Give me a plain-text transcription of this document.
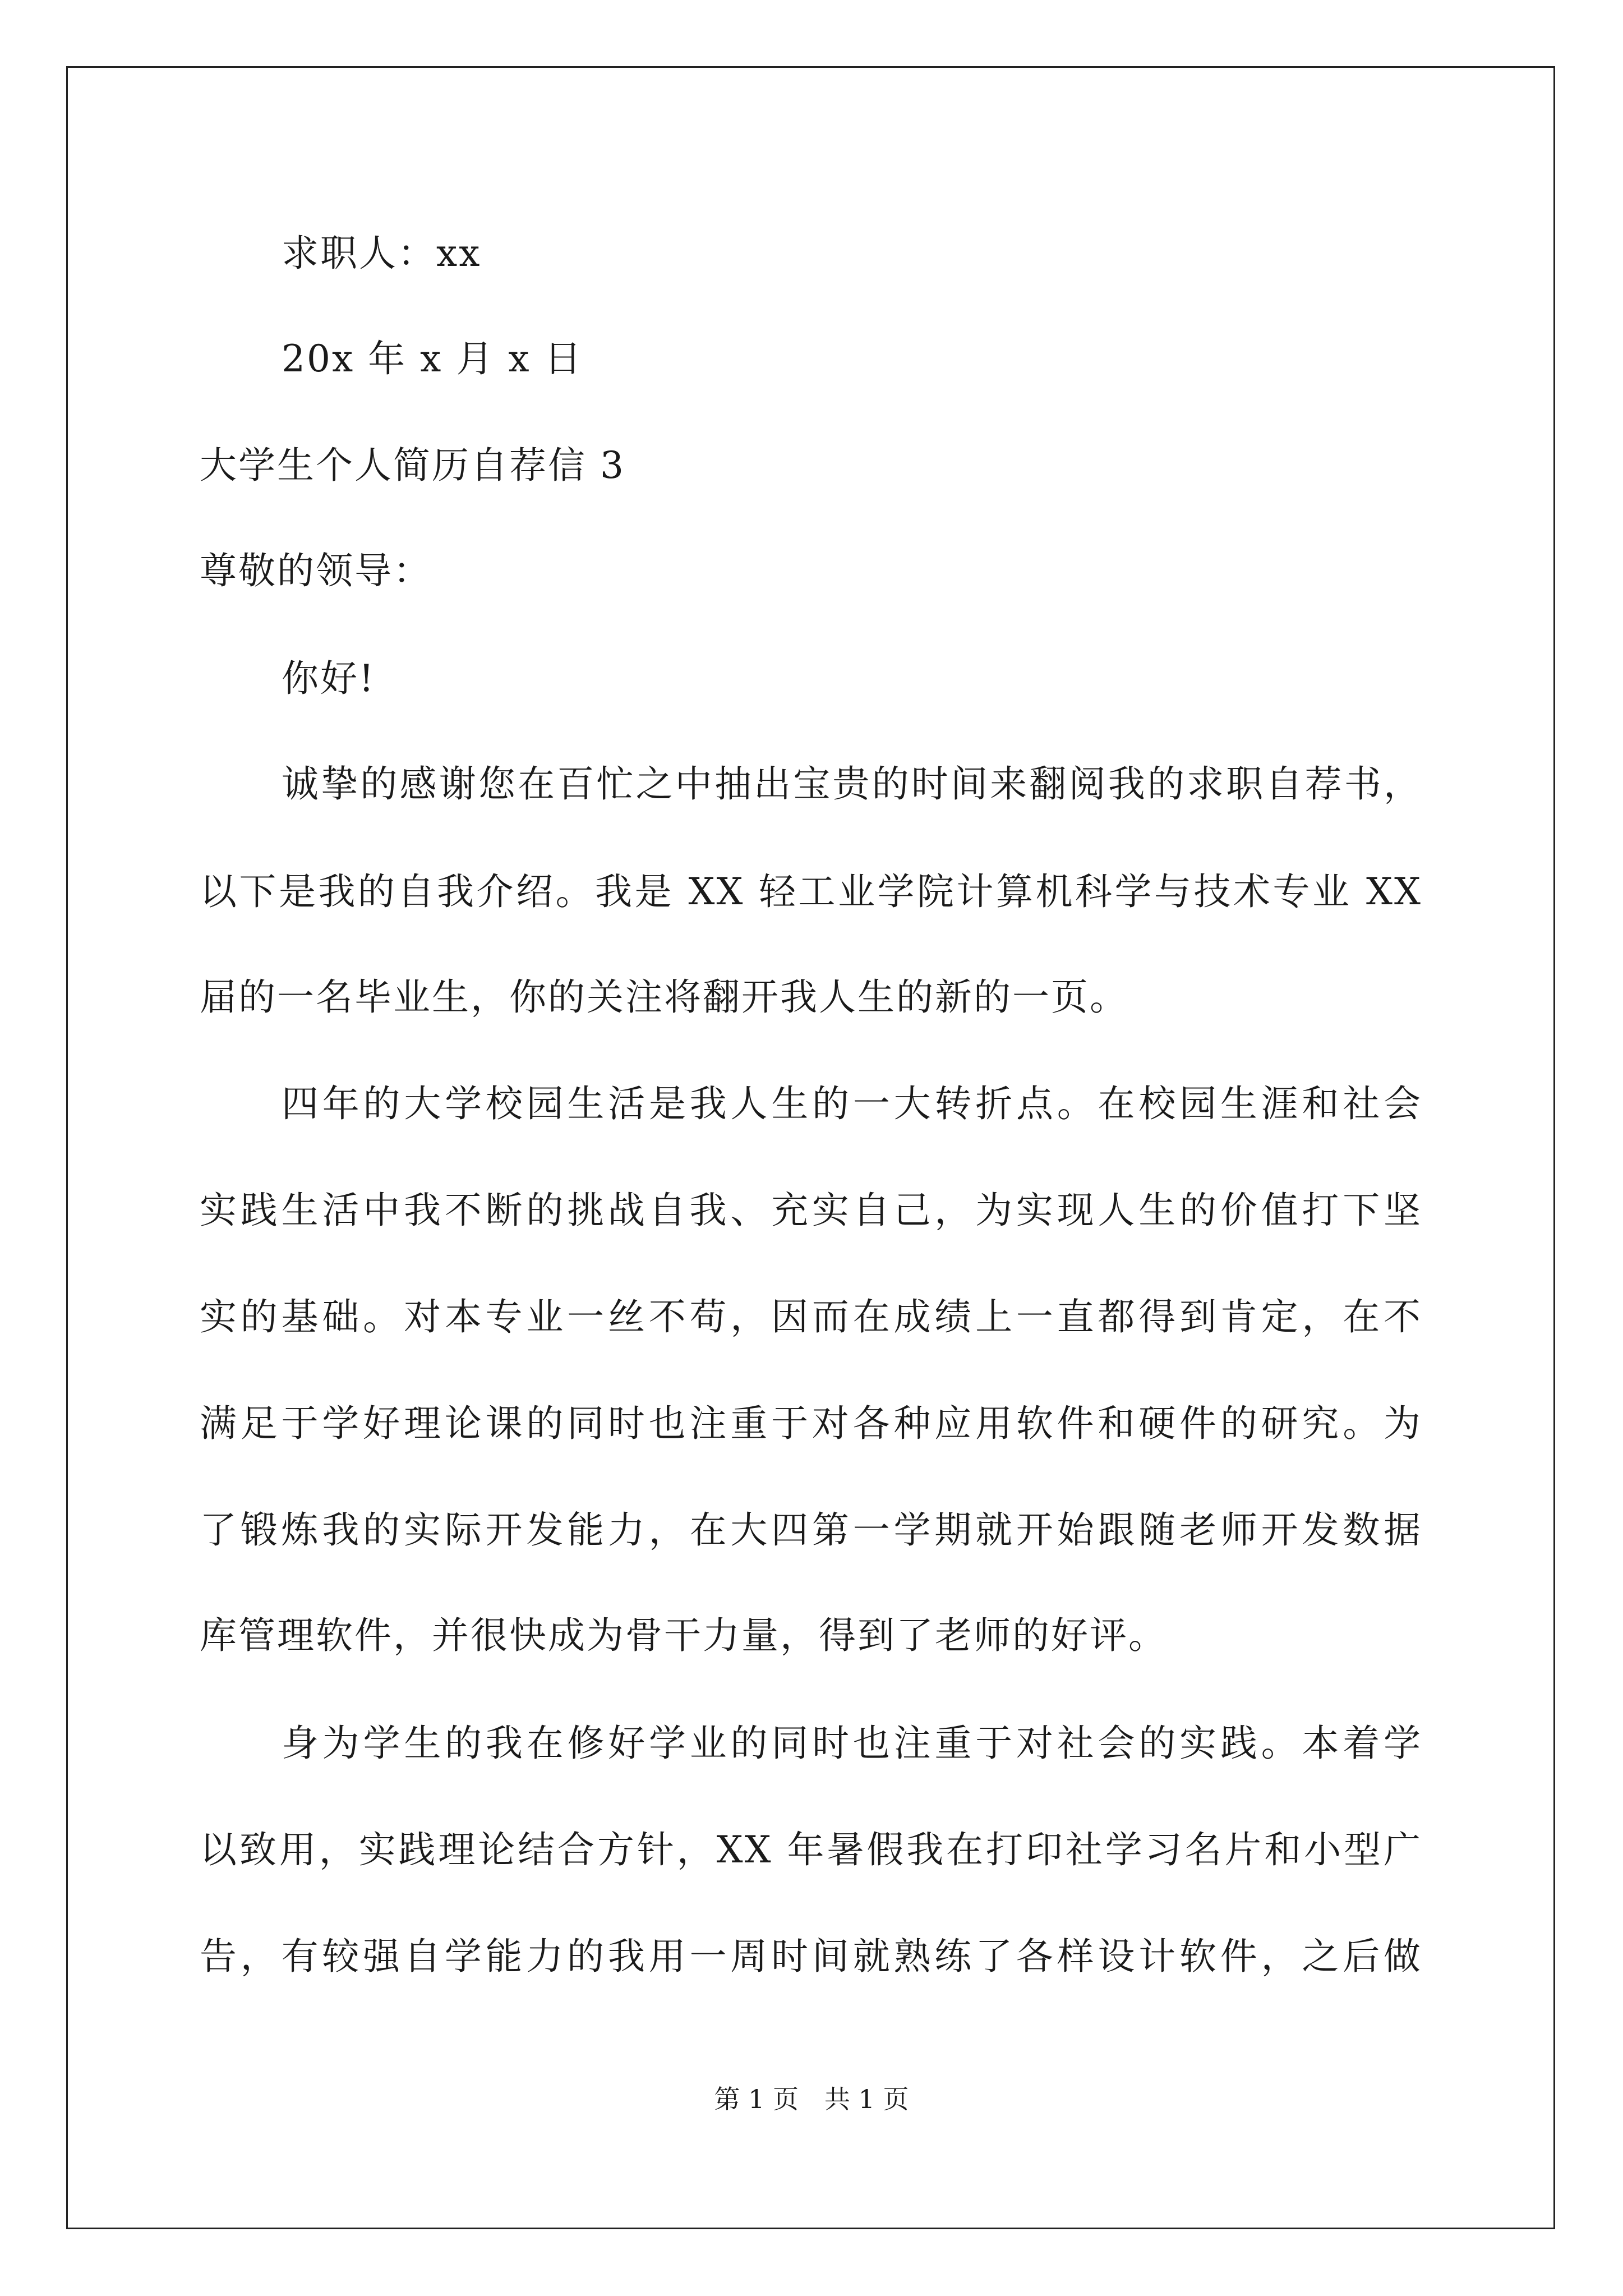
求职人：xx
20x 年 x 月 x 日
大学生个人简历自荐信 3
尊敬的领导：
你好!
诚挚的感谢您在百忙之中抽出宝贵的时间来翻阅我的求职自荐书，
以下是我的自我介绍。我是 XX 轻工业学院计算机科学与技术专业 XX
届的一名毕业生，你的关注将翻开我人生的新的一页。
四年的大学校园生活是我人生的一大转折点。在校园生涯和社会
实践生活中我不断的挑战自我、充实自己，为实现人生的价值打下坚
实的基础。对本专业一丝不苟，因而在成绩上一直都得到肯定，在不
满足于学好理论课的同时也注重于对各种应用软件和硬件的研究。为
了锻炼我的实际开发能力，在大四第一学期就开始跟随老师开发数据
库管理软件，并很快成为骨干力量，得到了老师的好评。
身为学生的我在修好学业的同时也注重于对社会的实践。本着学
以致用，实践理论结合方针，XX 年暑假我在打印社学习名片和小型广
告，有较强自学能力的我用一周时间就熟练了各样设计软件，之后做
第 1 页　共 1 页
